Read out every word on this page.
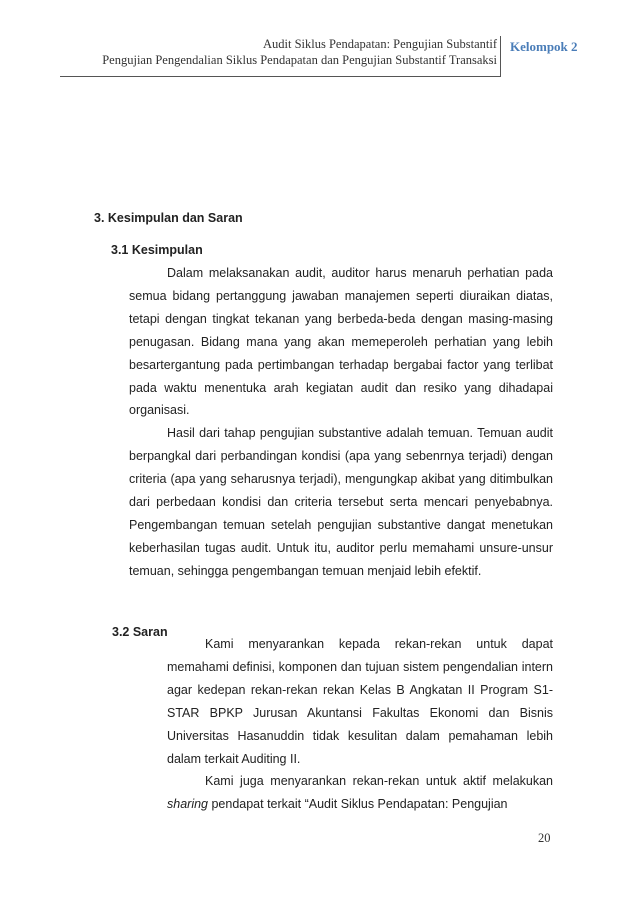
Audit Siklus Pendapatan: Pengujian Substantif
Pengujian Pengendalian Siklus Pendapatan dan Pengujian Substantif Transaksi
Kelompok 2
3. Kesimpulan dan Saran
3.1 Kesimpulan
Dalam melaksanakan audit, auditor harus menaruh perhatian pada semua bidang pertanggung jawaban manajemen seperti diuraikan diatas, tetapi dengan tingkat tekanan yang berbeda-beda dengan masing-masing penugasan. Bidang mana yang akan memeperoleh perhatian yang lebih besartergantung pada pertimbangan terhadap bergabai factor yang terlibat pada waktu menentuka arah kegiatan audit dan resiko yang dihadapai organisasi.
Hasil dari tahap pengujian substantive adalah temuan. Temuan audit berpangkal dari perbandingan kondisi (apa yang sebenrnya terjadi) dengan criteria (apa yang seharusnya terjadi), mengungkap akibat yang ditimbulkan dari perbedaan kondisi dan criteria tersebut serta mencari penyebabnya. Pengembangan temuan setelah pengujian substantive dangat menetukan keberhasilan tugas audit. Untuk itu, auditor perlu memahami unsure-unsur temuan, sehingga pengembangan temuan menjaid lebih efektif.
3.2 Saran
Kami menyarankan kepada rekan-rekan untuk dapat memahami definisi, komponen dan tujuan sistem pengendalian intern agar kedepan rekan-rekan rekan Kelas B Angkatan II Program S1-STAR BPKP Jurusan Akuntansi Fakultas Ekonomi dan Bisnis Universitas Hasanuddin tidak kesulitan dalam pemahaman lebih dalam terkait Auditing II.
Kami juga menyarankan rekan-rekan untuk aktif melakukan sharing pendapat terkait “Audit Siklus Pendapatan: Pengujian
20
